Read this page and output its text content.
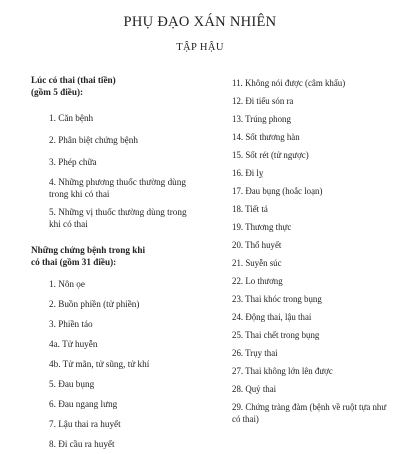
PHỤ ĐẠO XÁN NHIÊN
TẬP HẬU
Lúc có thai (thai tiền)
(gồm 5 điều):
1. Căn bệnh
2. Phân biệt chứng bệnh
3. Phép chữa
4. Những phương thuốc thường dùng trong khi có thai
5. Những vị thuốc thường dùng trong khi có thai
Những chứng bệnh trong khi
có thai (gồm 31 điều):
1. Nôn ọe
2. Buồn phiền (tử phiền)
3. Phiền táo
4a. Tử huyễn
4b. Tử mãn, tử sũng, tử khí
5. Đau bụng
6. Đau ngang lưng
7. Lậu thai ra huyết
8. Đi cầu ra huyết
11. Không nói được (câm khẩu)
12. Đi tiểu són ra
13. Trúng phong
14. Sốt thương hàn
15. Sốt rét (tử ngược)
16. Đi lỵ
17. Đau bụng (hoắc loạn)
18. Tiết tả
19. Thương thực
20. Thổ huyết
21. Suyễn súc
22. Lo thương
23. Thai khóc trong bụng
24. Động thai, lậu thai
25. Thai chết trong bụng
26. Trụy thai
27. Thai không lớn lên được
28. Quỷ thai
29. Chứng tràng đàm (bệnh về ruột tựa như có thai)
